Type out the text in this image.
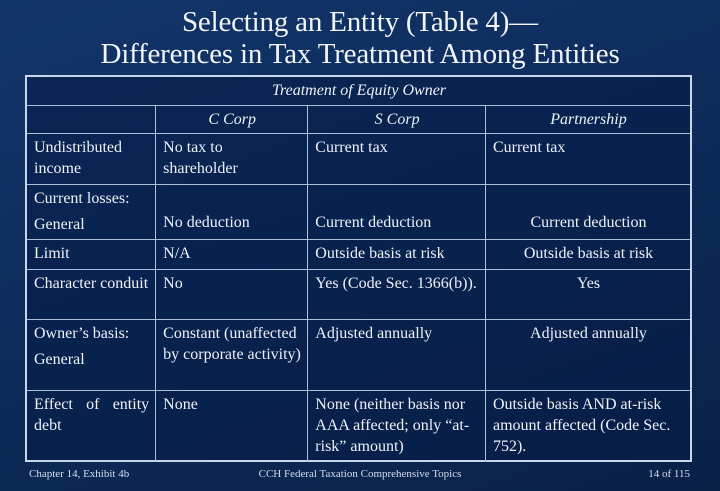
Selecting an Entity (Table 4)—
Differences in Tax Treatment Among Entities
Treatment of Equity Owner			
	C Corp	S Corp	Partnership
Undistributed income	No tax to shareholder	Current tax	Current tax

Current losses:
General	No deduction	Current deduction	Current deduction
Limit	N/A	Outside basis at risk	Outside basis at risk
Character conduit	No	Yes (Code Sec. 1366(b)).	Yes

Owner’s basis:
General	Constant (unaffected by corporate activity)	Adjusted annually	Adjusted annually
Effect of entity debt	None	None (neither basis nor AAA affected; only “at-risk” amount)	Outside basis AND at-risk amount affected (Code Sec. 752).
Chapter 14, Exhibit 4b	CCH Federal Taxation Comprehensive Topics	14 of 115
